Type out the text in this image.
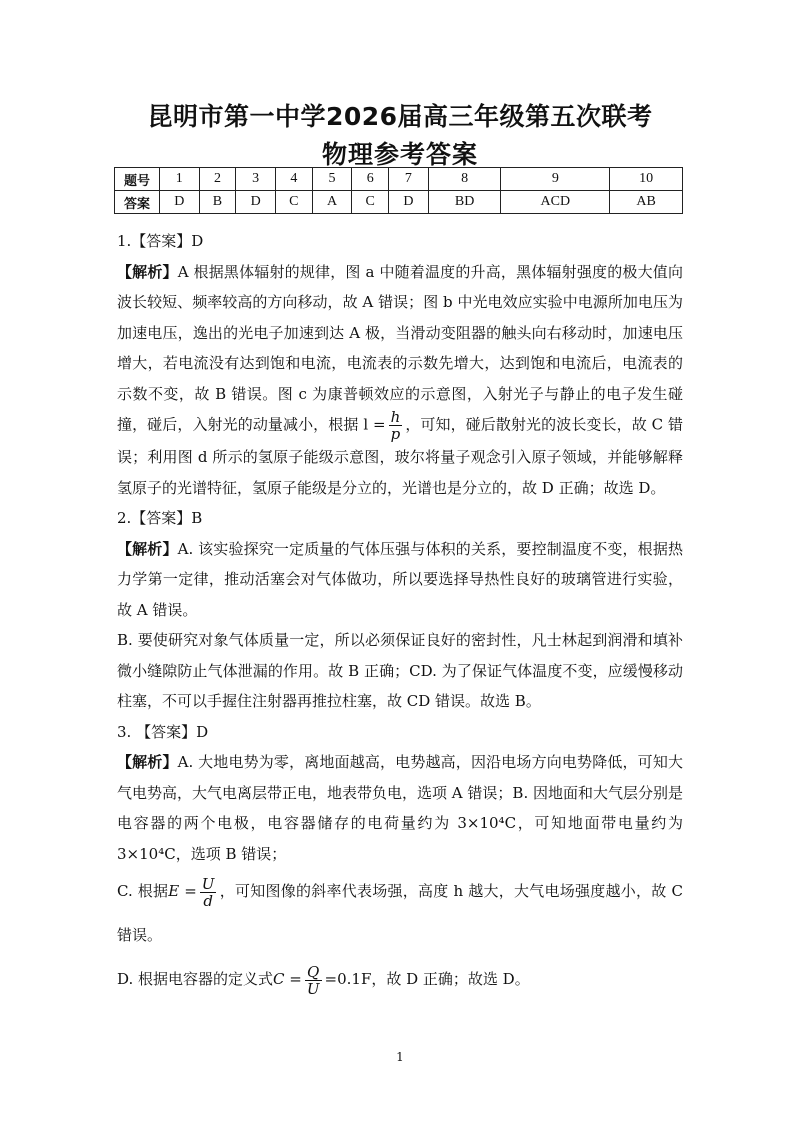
昆明市第一中学2026届高三年级第五次联考
物理参考答案
题号	1	2	3	4	5	6	7	8	9	10
答案	D	B	D	C	A	C	D	BD	ACD	AB

1.【答案】D

【解析】A 根据黑体辐射的规律，图 a 中随着温度的升高，黑体辐射强度的极大值向波长较短、频率较高的方向移动，故 A 错误；图 b 中光电效应实验中电源所加电压为加速电压，逸出的光电子加速到达 A 极，当滑动变阻器的触头向右移动时，加速电压增大，若电流没有达到饱和电流，电流表的示数先增大，达到饱和电流后，电流表的示数不变，故 B 错误。图 c 为康普顿效应的示意图，入射光子与静止的电子发生碰撞，碰后，入射光的动量减小，根据 $l = \frac{h}{p}$ ，可知，碰后散射光的波长变长，故 C 错误；利用图 d 所示的氢原子能级示意图，玻尔将量子观念引入原子领域，并能够解释氢原子的光谱特征，氢原子能级是分立的，光谱也是分立的，故 D 正确；故选 D。

2.【答案】B

【解析】A. 该实验探究一定质量的气体压强与体积的关系，要控制温度不变，根据热力学第一定律，推动活塞会对气体做功，所以要选择导热性良好的玻璃管进行实验，故 A 错误。

B. 要使研究对象气体质量一定，所以必须保证良好的密封性，凡士林起到润滑和填补微小缝隙防止气体泄漏的作用。故 B 正确；CD. 为了保证气体温度不变，应缓慢移动柱塞，不可以手握住注射器再推拉柱塞，故 CD 错误。故选 B。

3. 【答案】D

【解析】A. 大地电势为零，离地面越高，电势越高，因沿电场方向电势降低，可知大气电势高，大气电离层带正电，地表带负电，选项 A 错误；B. 因地面和大气层分别是电容器的两个电极，电容器储存的电荷量约为 3×10⁴C，可知地面带电量约为 3×10⁴C，选项 B 错误；

C. 根据$E = \frac{U}{d}$ ，可知图像的斜率代表场强，高度 h 越大，大气电场强度越小，故 C 错误。

D. 根据电容器的定义式$C = \frac{Q}{U} =0.1F$，故 D 正确；故选 D。

1
